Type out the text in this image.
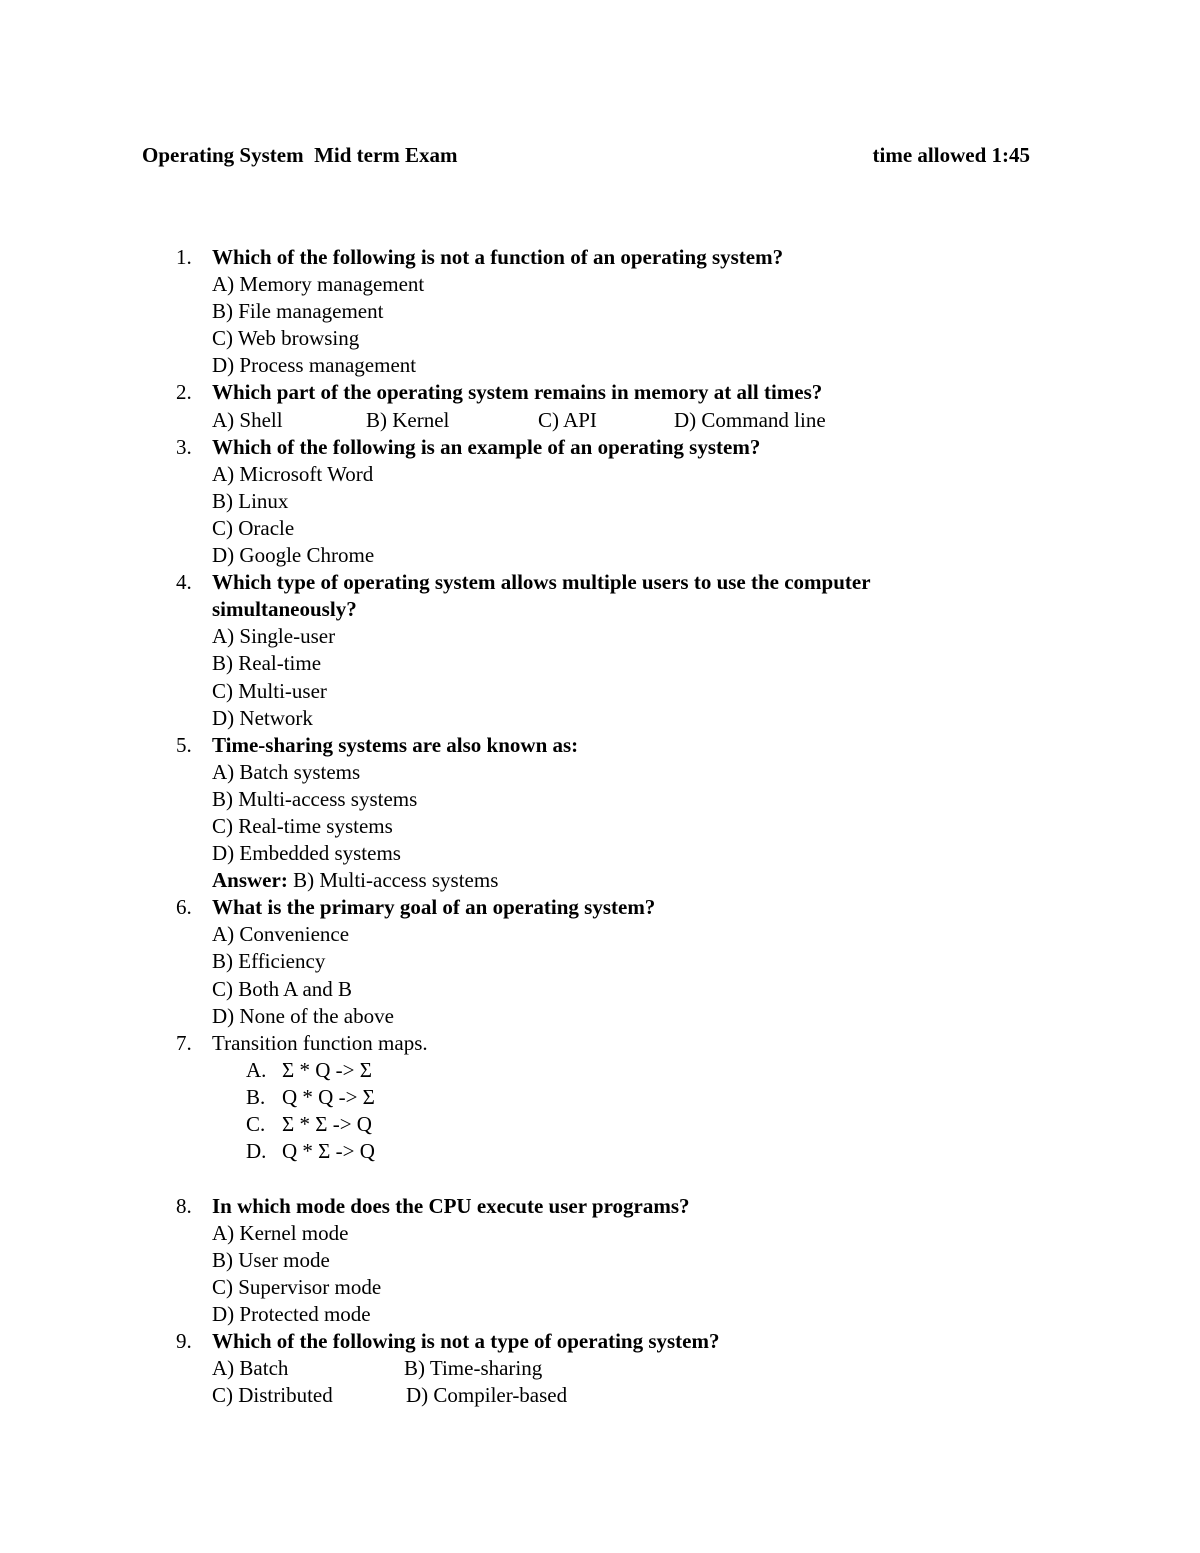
Operating System  Mid term Exam	time allowed 1:45
1. Which of the following is not a function of an operating system?
A) Memory management
B) File management
C) Web browsing
D) Process management
2. Which part of the operating system remains in memory at all times?
A) Shell	B) Kernel	C) API	D) Command line
3. Which of the following is an example of an operating system?
A) Microsoft Word
B) Linux
C) Oracle
D) Google Chrome
4. Which type of operating system allows multiple users to use the computer
simultaneously?
A) Single-user
B) Real-time
C) Multi-user
D) Network
5. Time-sharing systems are also known as:
A) Batch systems
B) Multi-access systems
C) Real-time systems
D) Embedded systems
Answer: B) Multi-access systems
6. What is the primary goal of an operating system?
A) Convenience
B) Efficiency
C) Both A and B
D) None of the above
7. Transition function maps.
A. Σ * Q -> Σ
B. Q * Q -> Σ
C. Σ * Σ -> Q
D. Q * Σ -> Q
8. In which mode does the CPU execute user programs?
A) Kernel mode
B) User mode
C) Supervisor mode
D) Protected mode
9. Which of the following is not a type of operating system?
A) Batch	B) Time-sharing
C) Distributed	D) Compiler-based
